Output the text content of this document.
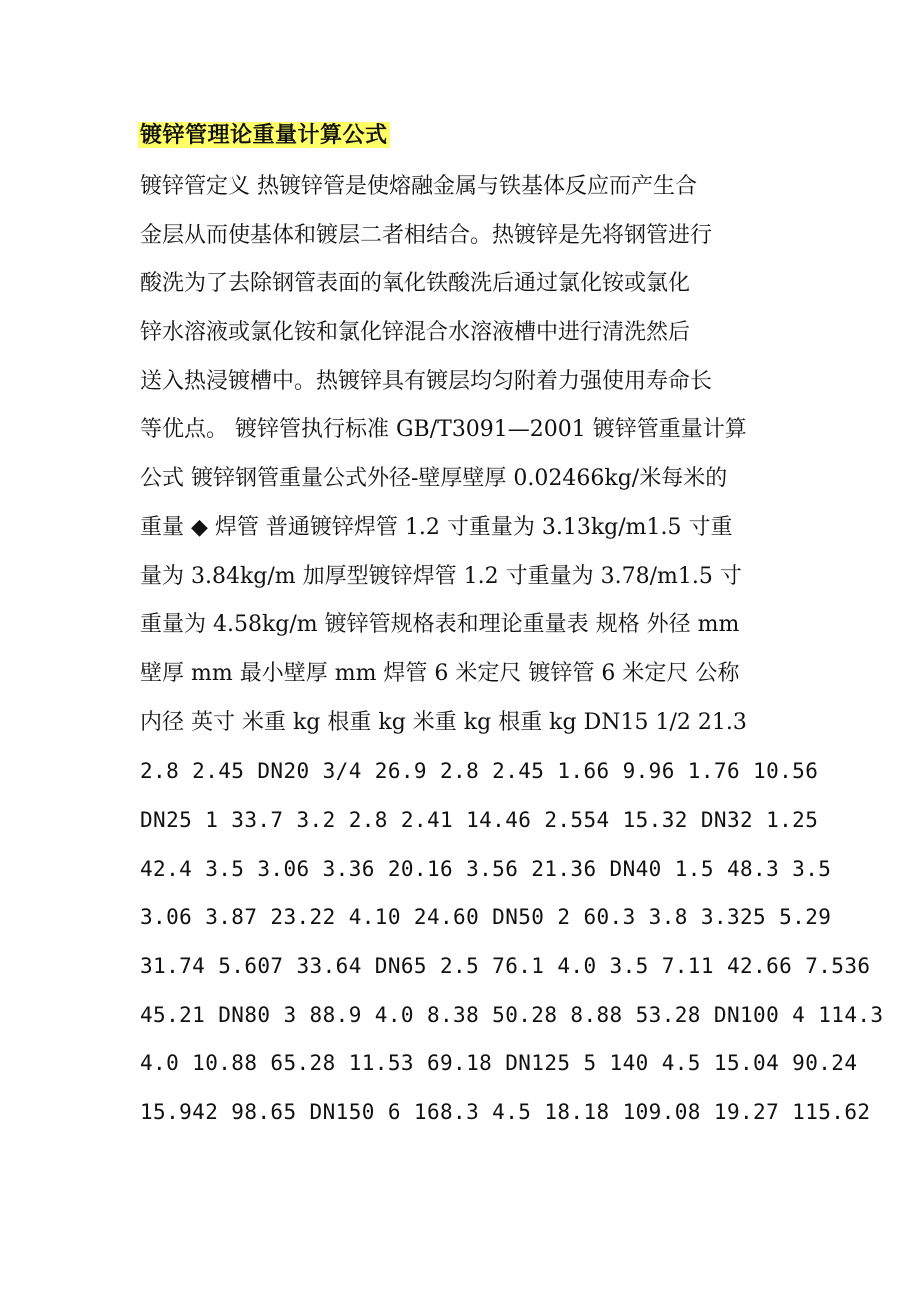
镀锌管理论重量计算公式
镀锌管定义 热镀锌管是使熔融金属与铁基体反应而产生合
金层从而使基体和镀层二者相结合。热镀锌是先将钢管进行
酸洗为了去除钢管表面的氧化铁酸洗后通过氯化铵或氯化
锌水溶液或氯化铵和氯化锌混合水溶液槽中进行清洗然后
送入热浸镀槽中。热镀锌具有镀层均匀附着力强使用寿命长
等优点。 镀锌管执行标准 GB/T3091—2001 镀锌管重量计算
公式 镀锌钢管重量公式外径-壁厚壁厚 0.02466kg/米每米的
重量 ◆ 焊管 普通镀锌焊管 1.2 寸重量为 3.13kg/m1.5 寸重
量为 3.84kg/m 加厚型镀锌焊管 1.2 寸重量为 3.78/m1.5 寸
重量为 4.58kg/m 镀锌管规格表和理论重量表 规格 外径 mm
壁厚 mm 最小壁厚 mm 焊管 6 米定尺 镀锌管 6 米定尺 公称
内径 英寸 米重 kg 根重 kg 米重 kg 根重 kg DN15 1/2 21.3
2.8 2.45 DN20 3/4 26.9 2.8 2.45 1.66 9.96 1.76 10.56
DN25 1 33.7 3.2 2.8 2.41 14.46 2.554 15.32 DN32 1.25
42.4 3.5 3.06 3.36 20.16 3.56 21.36 DN40 1.5 48.3 3.5
3.06 3.87 23.22 4.10 24.60 DN50 2 60.3 3.8 3.325 5.29
31.74 5.607 33.64 DN65 2.5 76.1 4.0 3.5 7.11 42.66 7.536
45.21 DN80 3 88.9 4.0 8.38 50.28 8.88 53.28 DN100 4 114.3
4.0 10.88 65.28 11.53 69.18 DN125 5 140 4.5 15.04 90.24
15.942 98.65 DN150 6 168.3 4.5 18.18 109.08 19.27 115.62
